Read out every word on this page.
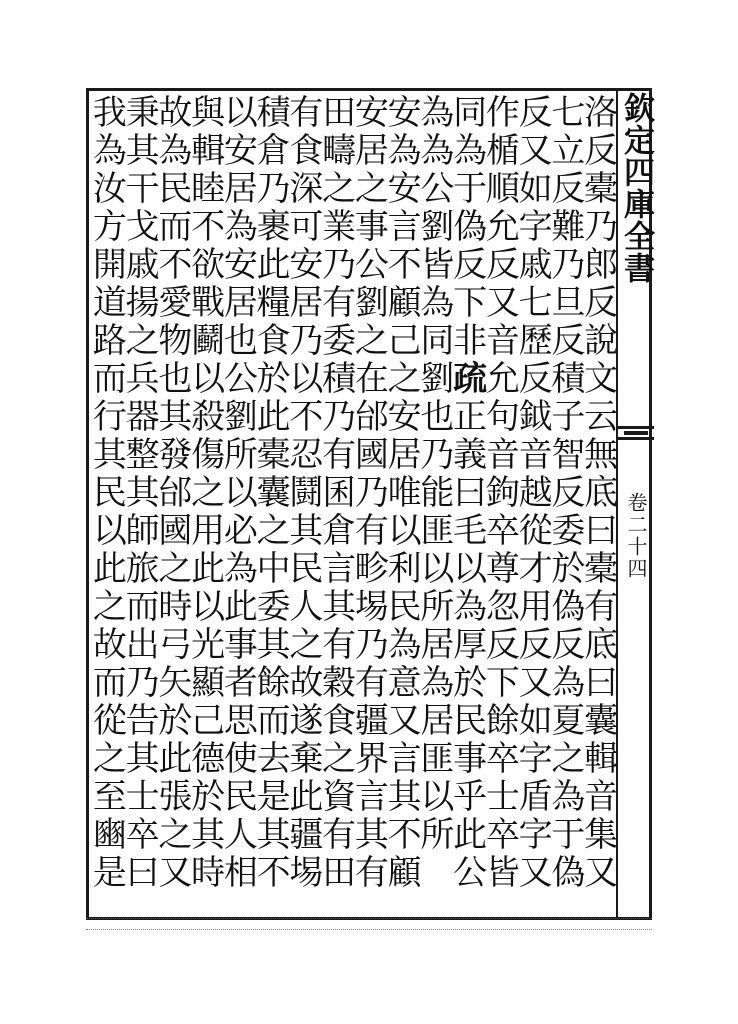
欽定四庫全書
卷二十四
洛反橐乃郎反說文云無底曰橐有底曰囊輯音集又
七立反難乃旦反積子智反委於偽反為夏之為于偽
反又如字戚七歷反鉞音越從才用反又如字盾字又
作楯順允反又音允句音鉤卒尊忽反下餘卒士卒皆
同為于偽反下非
疏
正義曰毛以為厚於民事乎此公
為為公劉皆為同
劉也乃能匪以所居為居匪以所
安為安言不顧己之安居唯以利民為意又言其不顧
安居之事公劉之在邰國乃有畛埸乃有疆界言其有
田疇之業乃有委積乃有囷倉言其有穀食之資有田
有食深可安居乃以不忍鬪其民人之故遂棄此疆埸
積倉乃裹此糧食於此橐囊之中委其餘而去是其不
以安居為安居也公劉所以必為此事者思使民人相
與輯睦不欲戰鬬以殺傷之用此以光顯己德於其時
故為民而不愛物也其發邰國之時弓矢於此張之又
秉其干戈戚揚之兵器整其師旅而出乃告其士卒曰
我為汝方開道路而行其民以此之故而從之至豳是
